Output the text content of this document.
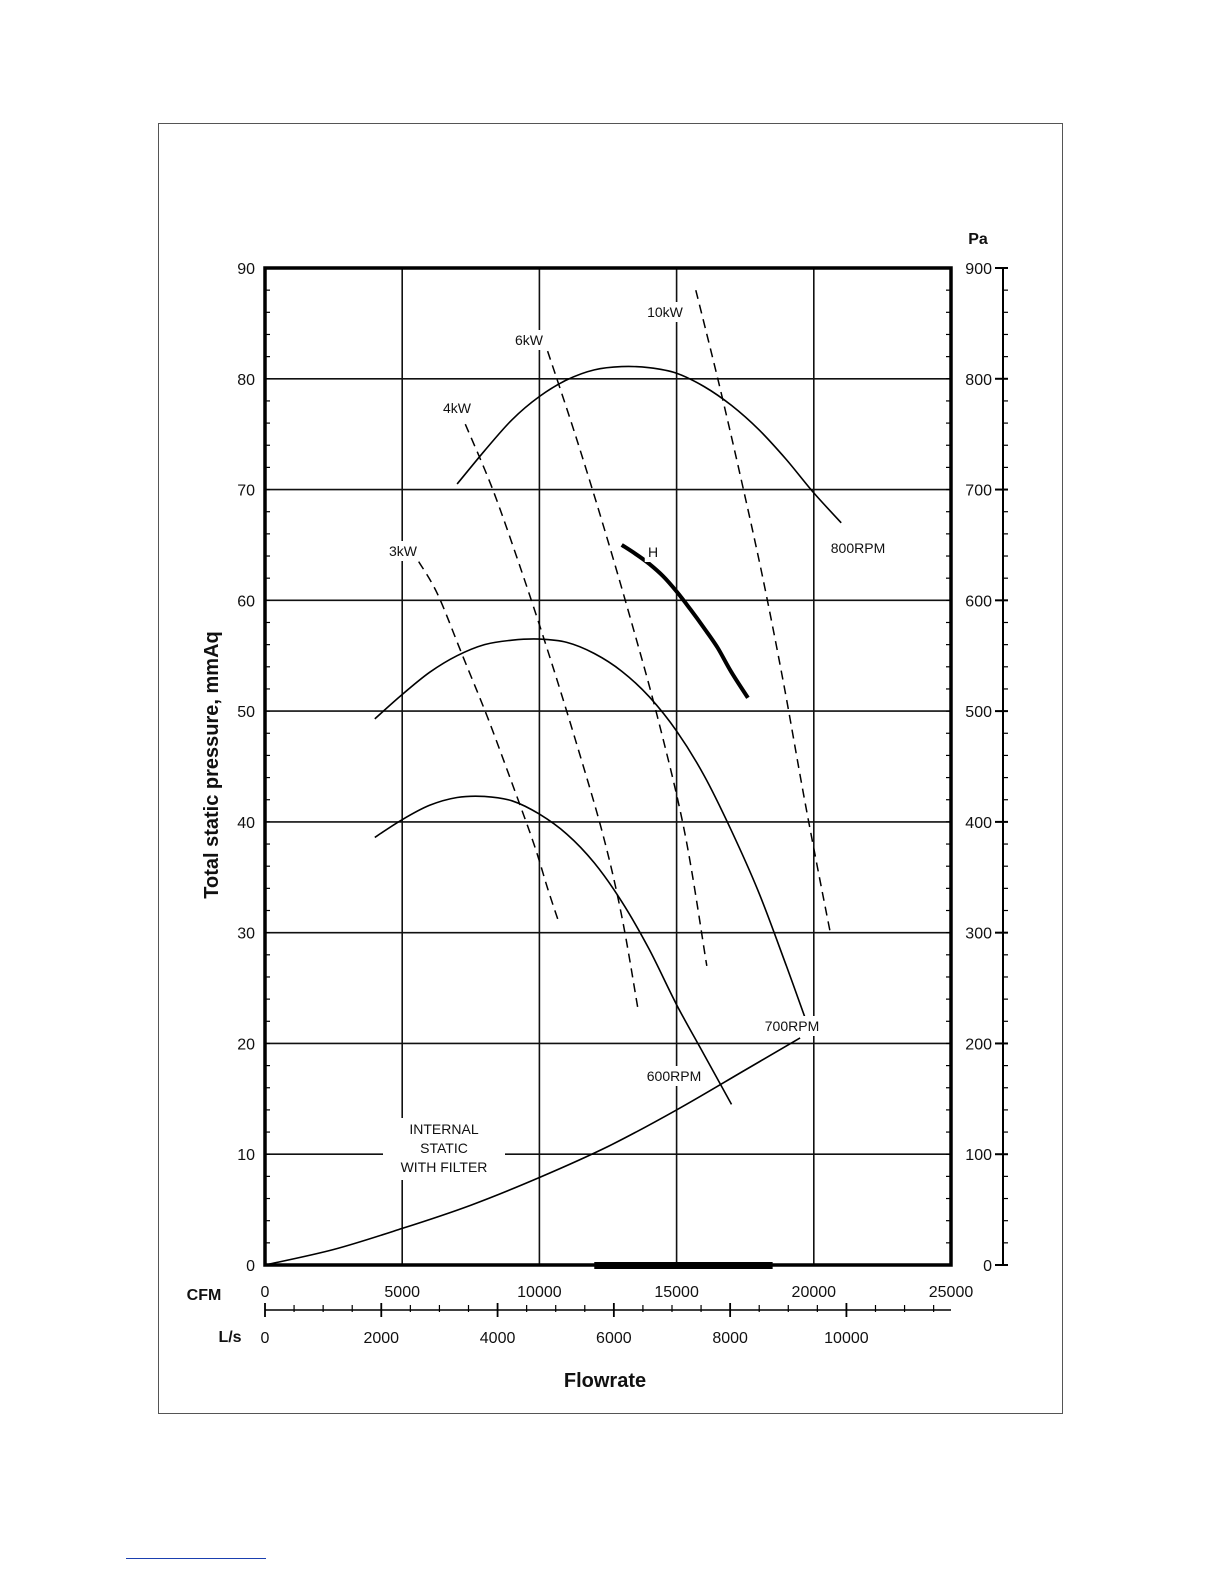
0
10
20
30
40
50
60
70
80
90
0
100
200
300
400
500
600
700
800
900
Pa
0	5000	10000	15000	20000	25000
CFM
0	2000	4000	6000	8000	10000
L/s
Flowrate
Total static pressure, mmAq
800RPM
700RPM
600RPM
INTERNAL
STATIC
WITH FILTER
H
3kW
4kW
6kW
10kW
